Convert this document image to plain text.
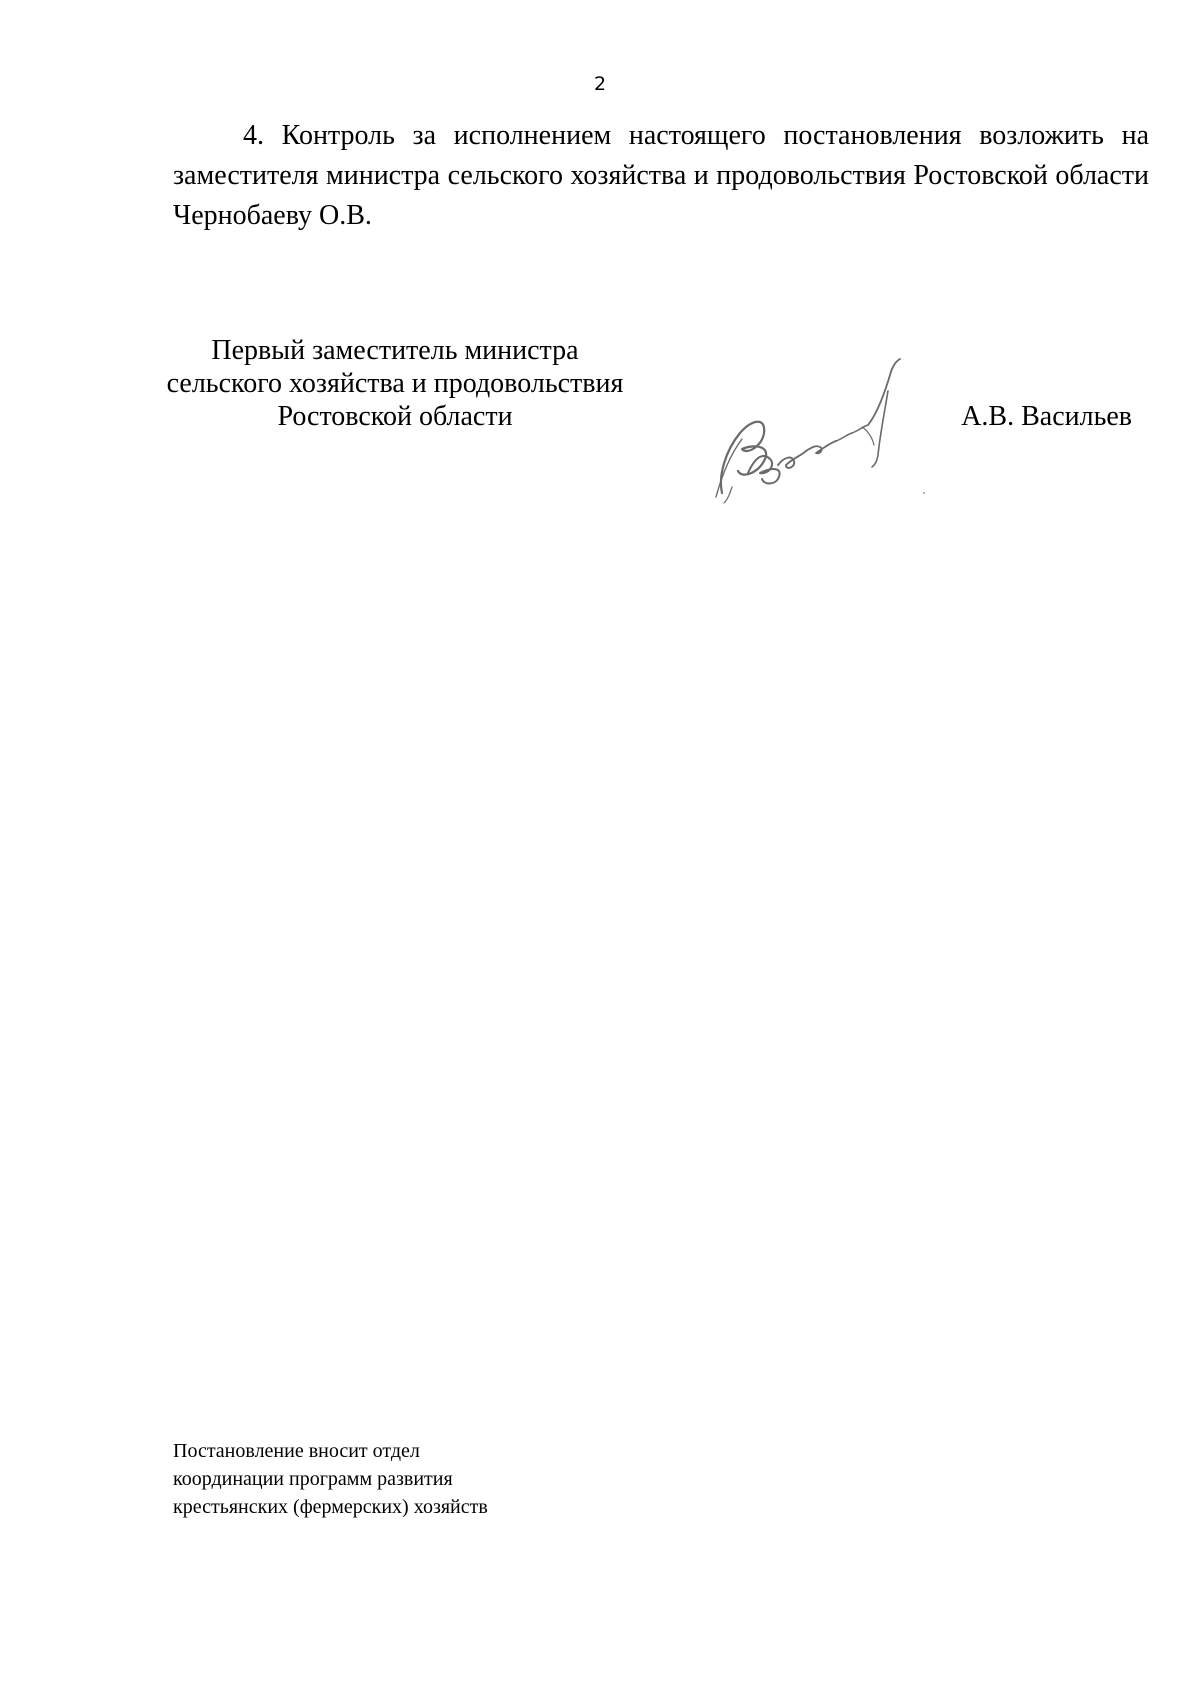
2

4. Контроль за исполнением настоящего постановления возложить на заместителя министра сельского хозяйства и продовольствия Ростовской области Чернобаеву О.В.

Первый заместитель министра
сельского хозяйства и продовольствия
Ростовской области	А.В. Васильев
Постановление вносит отдел
координации программ развития
крестьянских (фермерских) хозяйств
